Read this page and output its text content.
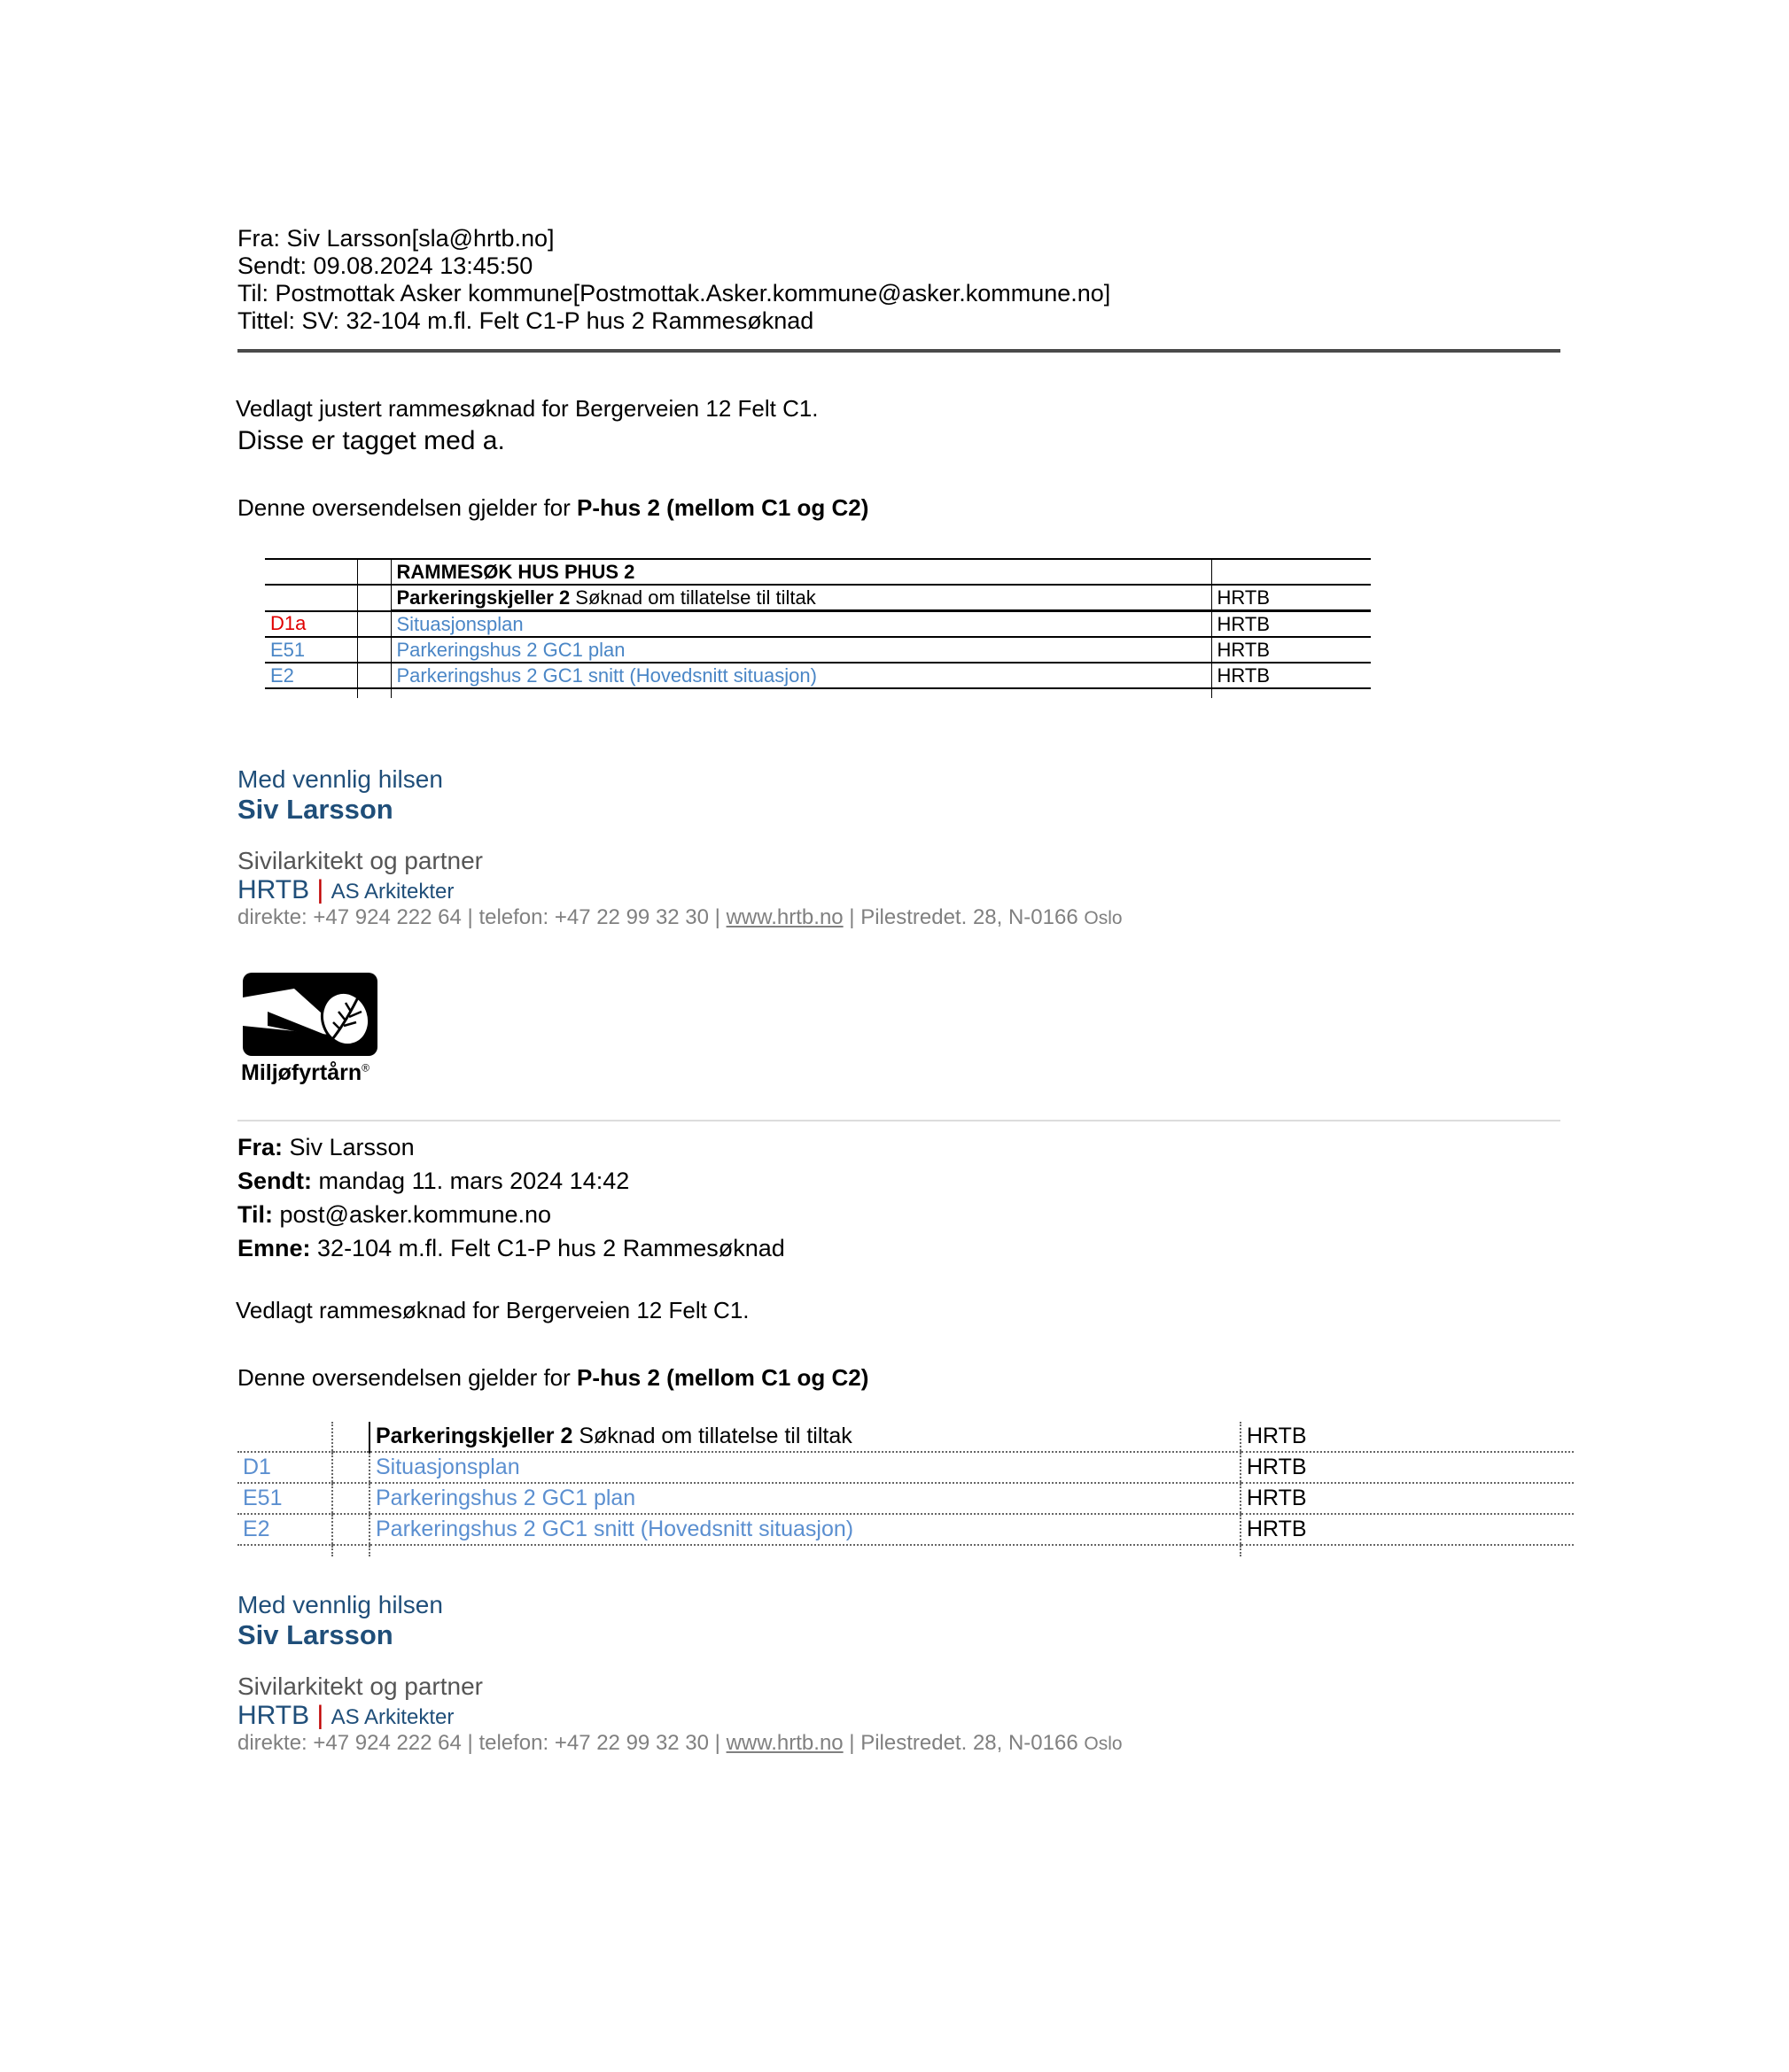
Fra: Siv Larsson[sla@hrtb.no]
Sendt: 09.08.2024 13:45:50
Til: Postmottak Asker kommune[Postmottak.Asker.kommune@asker.kommune.no]
Tittel: SV: 32-104 m.fl. Felt C1-P hus 2 Rammesøknad
Vedlagt justert rammesøknad for Bergerveien 12 Felt C1.
Disse er tagget med a.
Denne oversendelsen gjelder for P-hus 2 (mellom C1 og C2)
		RAMMESØK HUS PHUS 2	
		Parkeringskjeller 2 Søknad om tillatelse til tiltak	HRTB
D1a		Situasjonsplan	HRTB
E51		Parkeringshus 2 GC1 plan	HRTB
E2		Parkeringshus 2 GC1 snitt (Hovedsnitt situasjon)	HRTB

Med vennlig hilsen
Siv Larsson
Sivilarkitekt og partner
HRTB | AS Arkitekter
direkte: +47 924 222 64 | telefon: +47 22 99 32 30 | www.hrtb.no | Pilestredet. 28, N-0166 Oslo
Miljøfyrtårn®
Fra: Siv Larsson
Sendt: mandag 11. mars 2024 14:42
Til: post@asker.kommune.no
Emne: 32-104 m.fl. Felt C1-P hus 2 Rammesøknad
Vedlagt rammesøknad for Bergerveien 12 Felt C1.
Denne oversendelsen gjelder for P-hus 2 (mellom C1 og C2)
		Parkeringskjeller 2 Søknad om tillatelse til tiltak	HRTB
D1		Situasjonsplan	HRTB
E51		Parkeringshus 2 GC1 plan	HRTB
E2		Parkeringshus 2 GC1 snitt (Hovedsnitt situasjon)	HRTB

Med vennlig hilsen
Siv Larsson
Sivilarkitekt og partner
HRTB | AS Arkitekter
direkte: +47 924 222 64 | telefon: +47 22 99 32 30 | www.hrtb.no | Pilestredet. 28, N-0166 Oslo
